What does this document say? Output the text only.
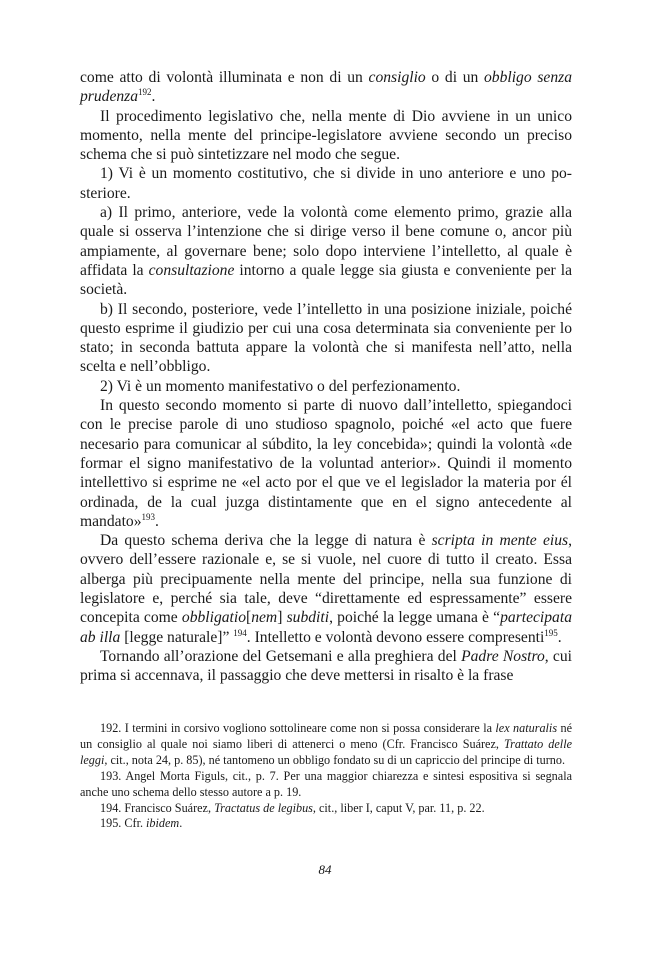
come atto di volontà illuminata e non di un consiglio o di un obbligo senza prudenza$^{192}$.

Il procedimento legislativo che, nella mente di Dio avviene in un unico momento, nella mente del principe-legislatore avviene secondo un preciso schema che si può sintetizzare nel modo che segue.

1) Vi è un momento costitutivo, che si divide in uno anteriore e uno posteriore.

a) Il primo, anteriore, vede la volontà come elemento primo, grazie alla quale si osserva l’intenzione che si dirige verso il bene comune o, ancor più ampiamente, al governare bene; solo dopo interviene l’intelletto, al quale è affidata la consultazione intorno a quale legge sia giusta e conveniente per la società.

b) Il secondo, posteriore, vede l’intelletto in una posizione iniziale, poiché questo esprime il giudizio per cui una cosa determinata sia conveniente per lo stato; in seconda battuta appare la volontà che si manifesta nell’atto, nella scelta e nell’obbligo.

2) Vi è un momento manifestativo o del perfezionamento.

In questo secondo momento si parte di nuovo dall’intelletto, spiegandoci con le precise parole di uno studioso spagnolo, poiché «el acto que fuere necesario para comunicar al súbdito, la ley concebida»; quindi la volontà «de formar el signo manifestativo de la voluntad anterior». Quindi il momento intellettivo si esprime ne «el acto por el que ve el legislador la materia por él ordinada, de la cual juzga distintamente que en el signo antecedente al mandato»$^{193}$.

Da questo schema deriva che la legge di natura è scripta in mente eius, ovvero dell’essere razionale e, se si vuole, nel cuore di tutto il creato. Essa alberga più precipuamente nella mente del principe, nella sua funzione di legislatore e, perché sia tale, deve “direttamente ed espressamente” essere concepita come obbligatio[nem] subditi, poiché la legge umana è “partecipata ab illa [legge naturale]” $^{194}$. Intelletto e volontà devono essere compresenti$^{195}$.

Tornando all’orazione del Getsemani e alla preghiera del Padre Nostro, cui prima si accennava, il passaggio che deve mettersi in risalto è la frase

192. I termini in corsivo vogliono sottolineare come non si possa considerare la lex naturalis né un consiglio al quale noi siamo liberi di attenerci o meno (Cfr. Francisco Suárez, Trattato delle leggi, cit., nota 24, p. 85), né tantomeno un obbligo fondato su di un capriccio del principe di turno.

193. Angel Morta Figuls, cit., p. 7. Per una maggior chiarezza e sintesi espositiva si segnala anche uno schema dello stesso autore a p. 19.

194. Francisco Suárez, Tractatus de legibus, cit., liber I, caput V, par. 11, p. 22.

195. Cfr. ibidem.

84
